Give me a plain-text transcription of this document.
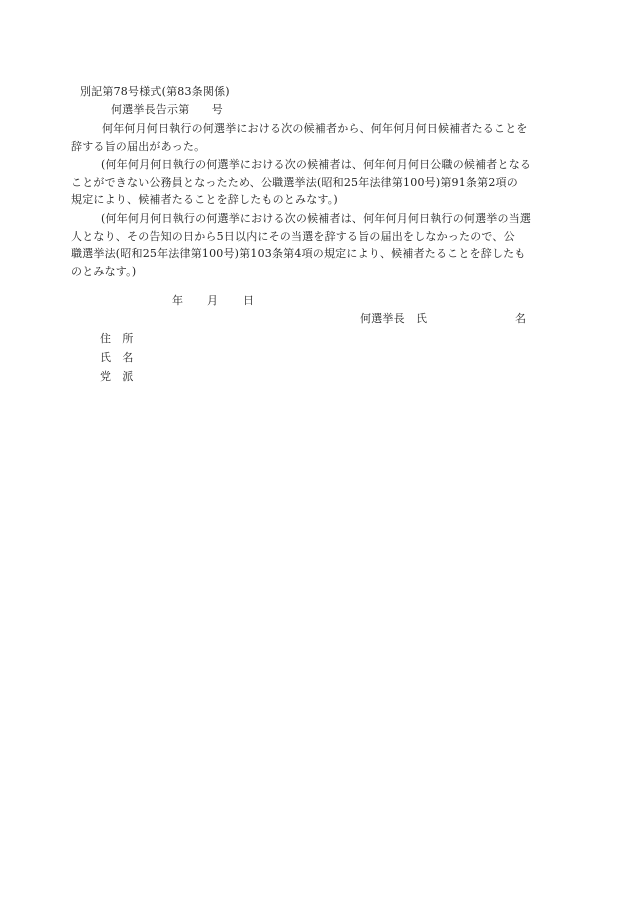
別記第78号様式(第83条関係)
何選挙長告示第　　号
何年何月何日執行の何選挙における次の候補者から、何年何月何日候補者たることを
辞する旨の届出があった。
(何年何月何日執行の何選挙における次の候補者は、何年何月何日公職の候補者となる
ことができない公務員となったため、公職選挙法(昭和25年法律第100号)第91条第2項の
規定により、候補者たることを辞したものとみなす。)
(何年何月何日執行の何選挙における次の候補者は、何年何月何日執行の何選挙の当選
人となり、その告知の日から5日以内にその当選を辞する旨の届出をしなかったので、公
職選挙法(昭和25年法律第100号)第103条第4項の規定により、候補者たることを辞したも
のとみなす。)
年 月 日
何選挙長　氏	名
住　所
氏　名
党　派
